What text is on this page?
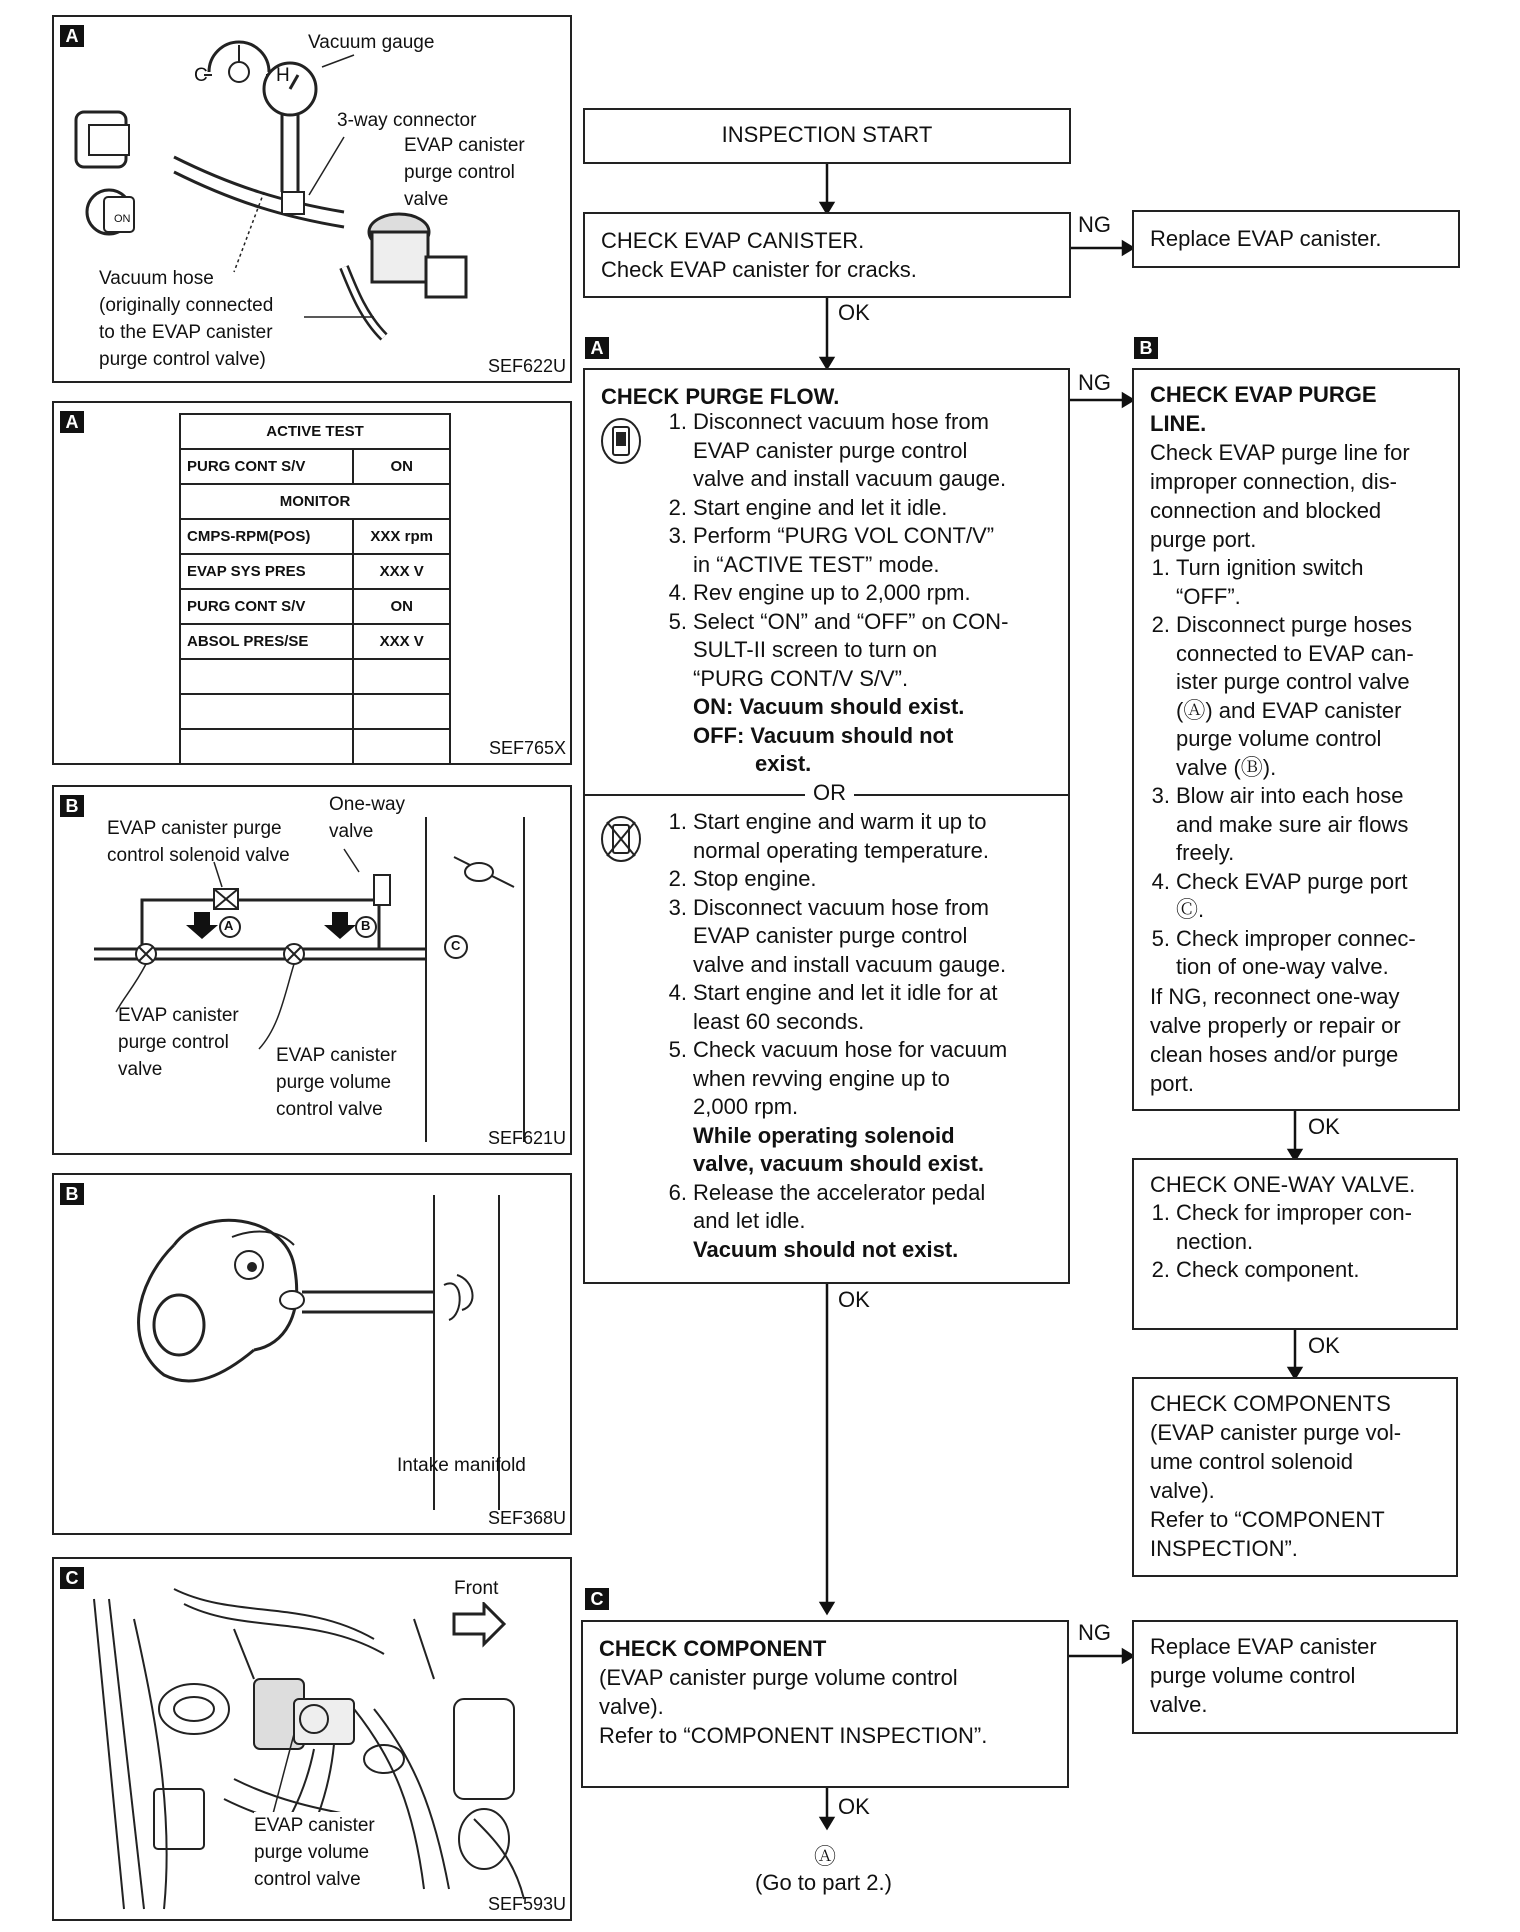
A
C	H
ON
Vacuum gauge
3-way connector
EVAP canister
purge control
valve
Vacuum hose
(originally connected
to the EVAP canister
purge control valve)	SEF622U
A	ACTIVE TEST	
PURG CONT S/V	ON
MONITOR	
CMPS-RPM(POS)	XXX rpm
EVAP SYS PRES	XXX V
PURG CONT S/V	ON
ABSOL PRES/SE	XXX V

SEF765X
B
A	B
C
EVAP canister purge
control solenoid valve
One-way
valve
EVAP canister
purge control
valve
EVAP canister
purge volume
control valve
SEF621U
B
Intake manifold
SEF368U
C	Front
EVAP canister
purge volume
control valve
SEF593U
INSPECTION START
CHECK EVAP CANISTER.
Check EVAP canister for cracks.
NG
Replace EVAP canister.
OK
A	B
NG
CHECK PURGE FLOW.
1. Disconnect vacuum hose from
EVAP canister purge control
valve and install vacuum gauge.
2. Start engine and let it idle.
3. Perform “PURG VOL CONT/V”
in “ACTIVE TEST” mode.
4. Rev engine up to 2,000 rpm.
5. Select “ON” and “OFF” on CON-
SULT-II screen to turn on
“PURG CONT/V S/V”.
ON: Vacuum should exist.
OFF: Vacuum should not
exist.
OR
1. Start engine and warm it up to
normal operating temperature.
2. Stop engine.
3. Disconnect vacuum hose from
EVAP canister purge control
valve and install vacuum gauge.
4. Start engine and let it idle for at
least 60 seconds.
5. Check vacuum hose for vacuum
when revving engine up to
2,000 rpm.
While operating solenoid
valve, vacuum should exist.
6. Release the accelerator pedal
and let idle.
Vacuum should not exist.
CHECK EVAP PURGE
LINE.
Check EVAP purge line for
improper connection, dis-
connection and blocked
purge port.
1. Turn ignition switch
“OFF”.
2. Disconnect purge hoses
connected to EVAP can-
ister purge control valve
(Ⓐ) and EVAP canister
purge volume control
valve (Ⓑ).
3. Blow air into each hose
and make sure air flows
freely.
4. Check EVAP purge port
Ⓒ.
5. Check improper connec-
tion of one-way valve.
If NG, reconnect one-way
valve properly or repair or
clean hoses and/or purge
port.
OK
CHECK ONE-WAY VALVE.
1. Check for improper con-
nection.
2. Check component.
OK
CHECK COMPONENTS
(EVAP canister purge vol-
ume control solenoid
valve).
Refer to “COMPONENT
INSPECTION”.
OK
C
CHECK COMPONENT
(EVAP canister purge volume control
valve).
Refer to “COMPONENT INSPECTION”.
NG
Replace EVAP canister
purge volume control
valve.
OK
Ⓐ
(Go to part 2.)
